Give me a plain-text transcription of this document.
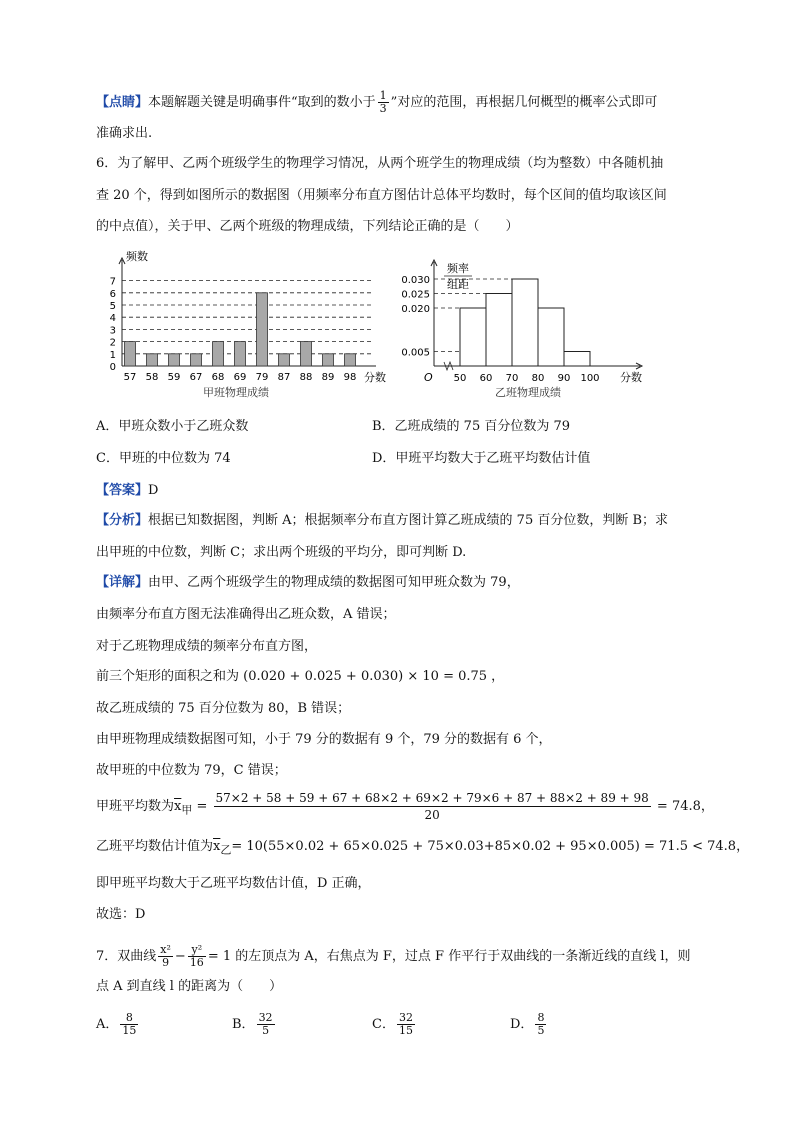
【点睛】本题解题关键是明确事件“取到的数小于 $\frac{1}{3}$ ”对应的范围，再根据几何概型的概率公式即可
准确求出.
6．为了解甲、乙两个班级学生的物理学习情况，从两个班学生的物理成绩（均为整数）中各随机抽
查 20 个，得到如图所示的数据图（用频率分布直方图估计总体平均数时，每个区间的值均取该区间
的中点值），关于甲、乙两个班级的物理成绩，下列结论正确的是（　　）
0
1
2
3
4
5
6
7
频数
57 58 59 67 68 69 79 87 88 89 98 分数
甲班物理成绩
0.005
0.020
0.025
0.030
50 60 70 80 90 100
O	分数
频率
组距
乙班物理成绩
A．甲班众数小于乙班众数	B．乙班成绩的 75 百分位数为 79
C．甲班的中位数为 74	D．甲班平均数大于乙班平均数估计值
【答案】D
【分析】根据已知数据图，判断 A；根据频率分布直方图计算乙班成绩的 75 百分位数，判断 B；求
出甲班的中位数，判断 C；求出两个班级的平均分，即可判断 D.
【详解】由甲、乙两个班级学生的物理成绩的数据图可知甲班众数为 79，
由频率分布直方图无法准确得出乙班众数，A 错误；
对于乙班物理成绩的频率分布直方图，
前三个矩形的面积之和为 (0.020 + 0.025 + 0.030) × 10 = 0.75 ，
故乙班成绩的 75 百分位数为 80，B 错误；
由甲班物理成绩数据图可知，小于 79 分的数据有 9 个，79 分的数据有 6 个，
故甲班的中位数为 79，C 错误；
甲班平均数为$\overline{x}_甲$ =
57×2 + 58 + 59 + 67 + 68×2 + 69×2 + 79×6 + 87 + 88×2 + 89 + 98
20
= 74.8，
乙班平均数估计值为$\overline{x}_乙= 10(55\times 0.02 + 65\times 0.025 + 75\times 0.03+85\times 0.02 + 95\times 0.005) = 71.5 < 74.8$，
即甲班平均数大于乙班平均数估计值，D 正确，
故选：D
7．双曲线 $\frac{\text{x²}}{9} - \frac{\text{y²}}{16} = 1$ 的左顶点为 A，右焦点为 F，过点 F 作平行于双曲线的一条渐近线的直线 l，则
点 A 到直线 l 的距离为（　　）
A． $\frac{8}{15}$	B． $\frac{32}{5}$	C． $\frac{32}{15}$	D． $\frac{8}{5}$
